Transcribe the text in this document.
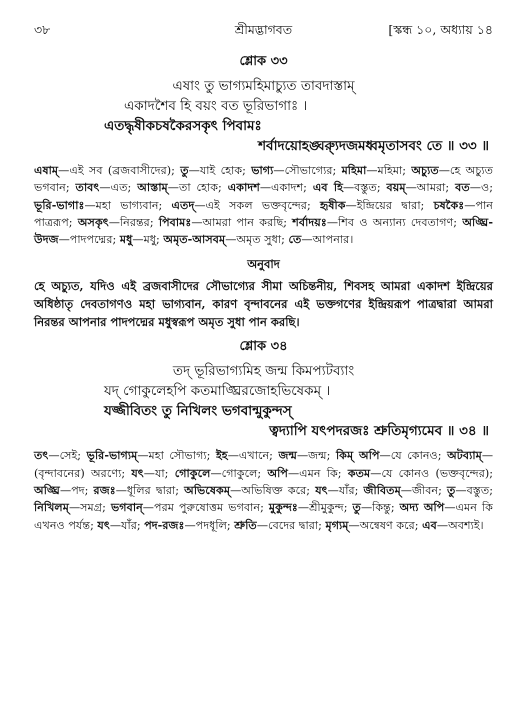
৩৮	শ্রীমদ্ভাগবত	[স্কন্ধ ১০, অধ্যায় ১৪
শ্লোক ৩৩
এষাং তু ভাগ্যমহিমাচ্যুত তাবদাস্তাম্
একাদশৈব হি বয়ং বত ভূরিভাগাঃ ।
এতদ্ধৃষীকচষকৈরসকৃৎ পিবামঃ
শর্বাদয়োহঙ্ঘ্র্যুদজমধ্বমৃতাসবং তে ॥ ৩৩ ॥
এষাম্—এই সব (ব্রজবাসীদের); তু—যাই হোক; ভাগ্য—সৌভাগ্যের; মহিমা—মহিমা; অচ্যুত—হে অচ্যুত ভগবান; তাবৎ—এত; আস্তাম্—তা হোক; একাদশ—একাদশ; এব হি—বস্তুত; বয়ম্—আমরা; বত—ও; ভূরি-ভাগাঃ—মহা ভাগ্যবান; এতদ্—এই সকল ভক্তবৃন্দের; হৃষীক—ইন্দ্রিয়ের দ্বারা; চষকৈঃ—পান পাত্ররূপ; অসকৃৎ—নিরন্তর; পিবামঃ—আমরা পান করছি; শর্বাদয়ঃ—শিব ও অন্যান্য দেবতাগণ; অঙ্ঘ্রি-উদজ—পাদপদ্মের; মধু—মধু; অমৃত-আসবম্—অমৃত সুধা; তে—আপনার।
অনুবাদ
হে অচ্যুত, যদিও এই ব্রজবাসীদের সৌভাগ্যের সীমা অচিন্তনীয়, শিবসহ আমরা একাদশ ইন্দ্রিয়ের অধিষ্ঠাতৃ দেবতাগণও মহা ভাগ্যবান, কারণ বৃন্দাবনের এই ভক্তগণের ইন্দ্রিয়রূপ পাত্রদ্বারা আমরা নিরন্তর আপনার পাদপদ্মের মধুস্বরূপ অমৃত সুধা পান করছি।
শ্লোক ৩৪
তদ্ ভূরিভাগ্যমিহ জন্ম কিমপ্যটব্যাং
যদ্ গোকুলেহপি কতমাঙ্ঘ্রিরজোহভিষেকম্ ।
যজ্জীবিতং তু নিখিলং ভগবান্মুকুন্দস্
ত্বদ্যাপি যৎপদরজঃ শ্রুতিমৃগ্যমেব ॥ ৩৪ ॥
তৎ—সেই; ভূরি-ভাগ্যম্—মহা সৌভাগ্য; ইহ—এখানে; জন্ম—জন্ম; কিম্ অপি—যে কোনও; অটব্যাম্—(বৃন্দাবনের) অরণ্যে; যৎ—যা; গোকুলে—গোকুলে; অপি—এমন কি; কতম—যে কোনও (ভক্তবৃন্দের); অঙ্ঘ্রি—পদ; রজঃ—ধূলির দ্বারা; অভিষেকম্—অভিষিক্ত করে; যৎ—যাঁর; জীবিতম্—জীবন; তু—বস্তুত; নিখিলম্—সমগ্র; ভগবান্—পরম পুরুষোত্তম ভগবান; মুকুন্দঃ—শ্রীমুকুন্দ; তু—কিন্তু; অদ্য অপি—এমন কি এখনও পর্যন্ত; যৎ—যাঁর; পদ-রজঃ—পদধূলি; শ্রুতি—বেদের দ্বারা; মৃগ্যম্—অন্বেষণ করে; এব—অবশ্যই।
